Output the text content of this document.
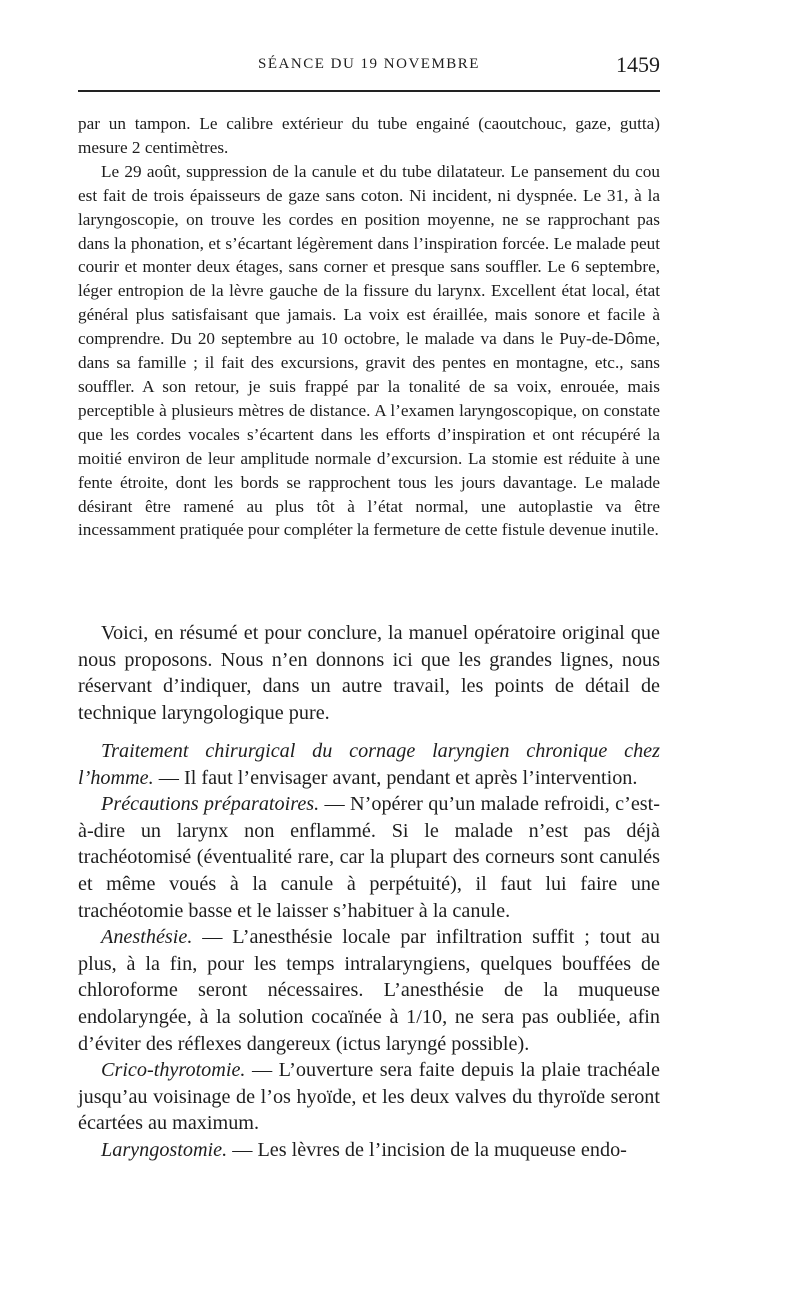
SÉANCE DU 19 NOVEMBRE	1459

par un tampon. Le calibre extérieur du tube engainé (caoutchouc, gaze, gutta) mesure 2 centimètres.

Le 29 août, suppression de la canule et du tube dilatateur. Le pansement du cou est fait de trois épaisseurs de gaze sans coton. Ni incident, ni dyspnée. Le 31, à la laryngoscopie, on trouve les cordes en position moyenne, ne se rapprochant pas dans la phonation, et s’écartant légèrement dans l’inspiration forcée. Le malade peut courir et monter deux étages, sans corner et presque sans souffler. Le 6 septembre, léger entropion de la lèvre gauche de la fissure du larynx. Excellent état local, état général plus satisfaisant que jamais. La voix est éraillée, mais sonore et facile à comprendre. Du 20 septembre au 10 octobre, le malade va dans le Puy-de-Dôme, dans sa famille ; il fait des excursions, gravit des pentes en montagne, etc., sans souffler. A son retour, je suis frappé par la tonalité de sa voix, enrouée, mais perceptible à plusieurs mètres de distance. A l’examen laryngoscopique, on constate que les cordes vocales s’écartent dans les efforts d’inspiration et ont récupéré la moitié environ de leur amplitude normale d’excursion. La stomie est réduite à une fente étroite, dont les bords se rapprochent tous les jours davantage. Le malade désirant être ramené au plus tôt à l’état normal, une autoplastie va être incessamment pratiquée pour compléter la fermeture de cette fistule devenue inutile.

Voici, en résumé et pour conclure, la manuel opératoire original que nous proposons. Nous n’en donnons ici que les grandes lignes, nous réservant d’indiquer, dans un autre travail, les points de détail de technique laryngologique pure.

Traitement chirurgical du cornage laryngien chronique chez l’homme. — Il faut l’envisager avant, pendant et après l’intervention.

Précautions préparatoires. — N’opérer qu’un malade refroidi, c’est-à-dire un larynx non enflammé. Si le malade n’est pas déjà trachéotomisé (éventualité rare, car la plupart des corneurs sont canulés et même voués à la canule à perpétuité), il faut lui faire une trachéotomie basse et le laisser s’habituer à la canule.

Anesthésie. — L’anesthésie locale par infiltration suffit ; tout au plus, à la fin, pour les temps intralaryngiens, quelques bouffées de chloroforme seront nécessaires. L’anesthésie de la muqueuse endolaryngée, à la solution cocaïnée à 1/10, ne sera pas oubliée, afin d’éviter des réflexes dangereux (ictus laryngé possible).

Crico-thyrotomie. — L’ouverture sera faite depuis la plaie trachéale jusqu’au voisinage de l’os hyoïde, et les deux valves du thyroïde seront écartées au maximum.

Laryngostomie. — Les lèvres de l’incision de la muqueuse endo-
